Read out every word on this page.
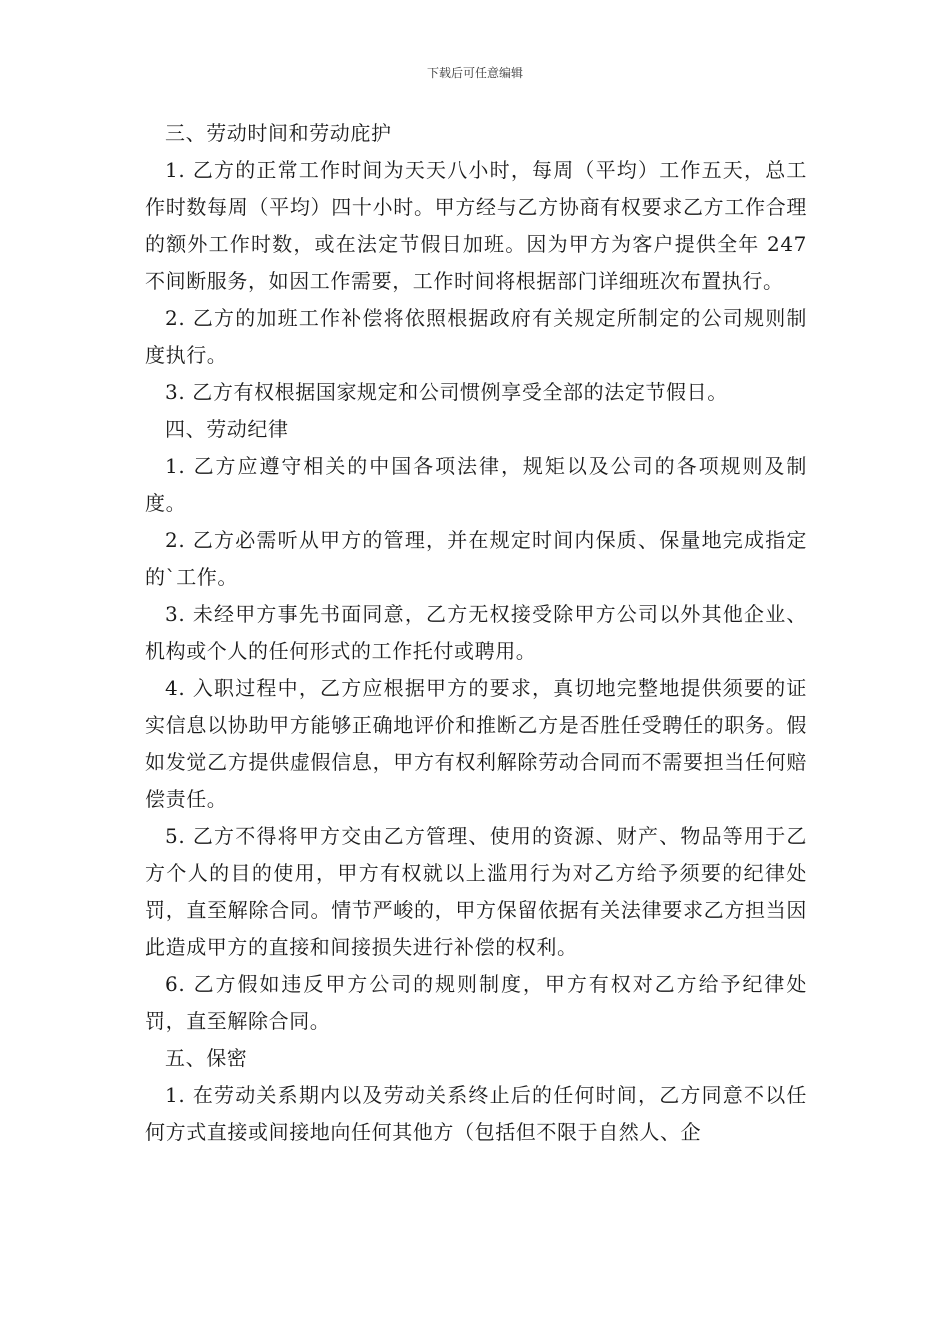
下载后可任意编辑

三、劳动时间和劳动庇护

1. 乙方的正常工作时间为天天八小时，每周（平均）工作五天，总工作时数每周（平均）四十小时。甲方经与乙方协商有权要求乙方工作合理的额外工作时数，或在法定节假日加班。因为甲方为客户提供全年 247 不间断服务，如因工作需要，工作时间将根据部门详细班次布置执行。

2. 乙方的加班工作补偿将依照根据政府有关规定所制定的公司规则制度执行。

3. 乙方有权根据国家规定和公司惯例享受全部的法定节假日。

四、劳动纪律

1. 乙方应遵守相关的中国各项法律，规矩以及公司的各项规则及制度。

2. 乙方必需听从甲方的管理，并在规定时间内保质、保量地完成指定的`工作。

3. 未经甲方事先书面同意，乙方无权接受除甲方公司以外其他企业、机构或个人的任何形式的工作托付或聘用。

4. 入职过程中，乙方应根据甲方的要求，真切地完整地提供须要的证实信息以协助甲方能够正确地评价和推断乙方是否胜任受聘任的职务。假如发觉乙方提供虚假信息，甲方有权利解除劳动合同而不需要担当任何赔偿责任。

5. 乙方不得将甲方交由乙方管理、使用的资源、财产、物品等用于乙方个人的目的使用，甲方有权就以上滥用行为对乙方给予须要的纪律处罚，直至解除合同。情节严峻的，甲方保留依据有关法律要求乙方担当因此造成甲方的直接和间接损失进行补偿的权利。

6. 乙方假如违反甲方公司的规则制度，甲方有权对乙方给予纪律处罚，直至解除合同。

五、保密

1. 在劳动关系期内以及劳动关系终止后的任何时间，乙方同意不以任何方式直接或间接地向任何其他方（包括但不限于自然人、企
